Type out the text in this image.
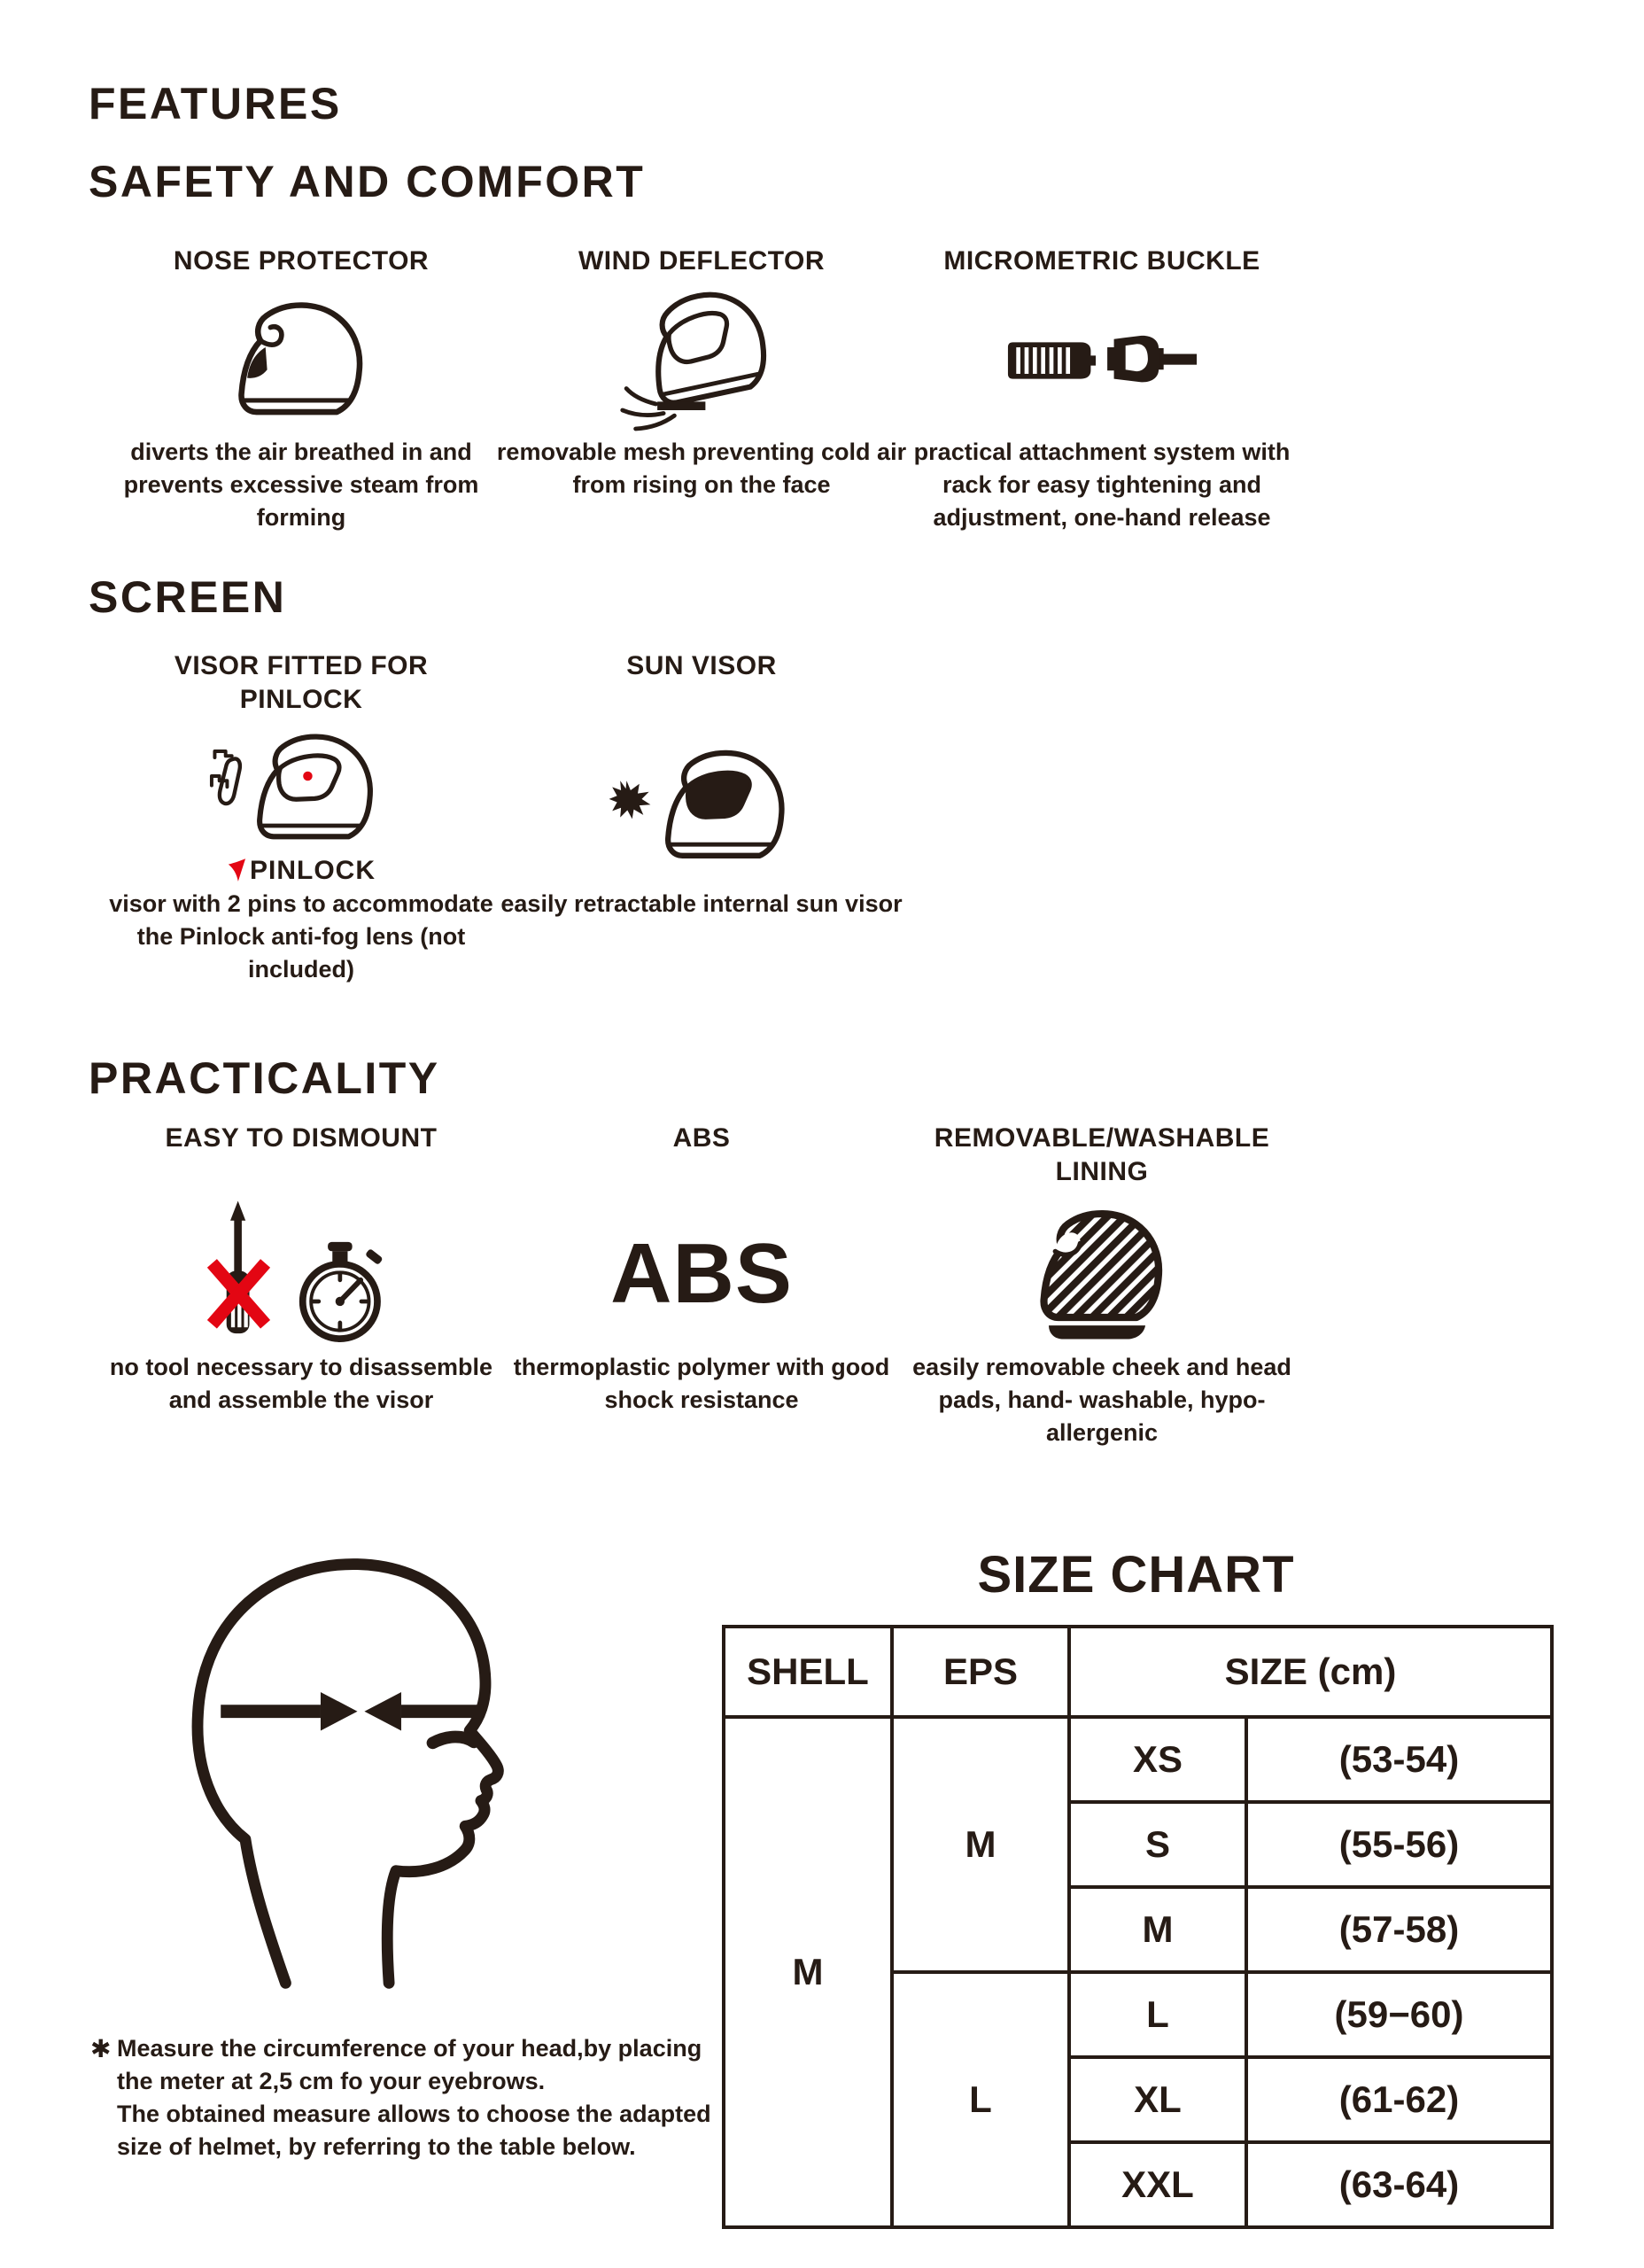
FEATURES
SAFETY AND COMFORT
NOSE PROTECTOR
diverts the air breathed in and prevents excessive steam from forming
WIND DEFLECTOR
removable mesh preventing cold air from rising on the face
MICROMETRIC BUCKLE
practical attachment system with rack for easy tightening and adjustment, one-hand release
SCREEN
VISOR FITTED FOR PINLOCK
PINLOCK
visor with 2 pins to accommodate the Pinlock anti-fog lens (not included)
SUN VISOR
easily retractable internal sun visor
PRACTICALITY
EASY TO DISMOUNT
no tool necessary to disassemble and assemble the visor
ABS
ABS
thermoplastic polymer with good shock resistance
REMOVABLE/WASHABLE LINING
easily removable cheek and head pads, hand- washable, hypo-allergenic
SIZE CHART
SHELL	EPS	SIZE (cm)	
M	M	XS	(53-54)
		S	(55-56)
		M	(57-58)
	L	L	(59−60)
		XL	(61-62)
		XXL	(63-64)
✱ Measure the circumference of your head,by placing the meter at 2,5 cm fo your eyebrows.

The obtained measure allows to choose the adapted size of helmet, by referring to the table below.
